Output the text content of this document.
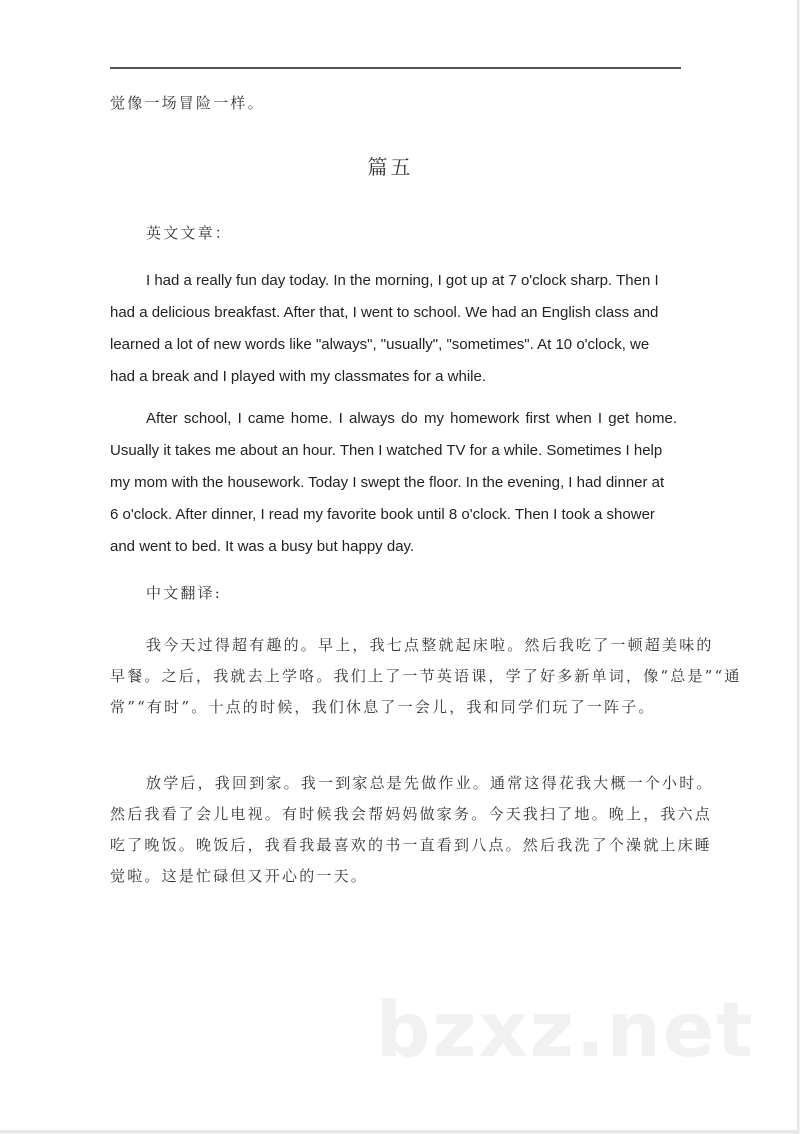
觉像一场冒险一样。
篇五
英文文章：
I had a really fun day today. In the morning, I got up at 7 o'clock sharp. Then I
had a delicious breakfast. After that, I went to school. We had an English class and
learned a lot of new words like "always", "usually", "sometimes". At 10 o'clock, we
had a break and I played with my classmates for a while.
After school, I came home. I always do my homework first when I get home.
Usually it takes me about an hour. Then I watched TV for a while. Sometimes I help
my mom with the housework. Today I swept the floor. In the evening, I had dinner at
6 o'clock. After dinner, I read my favorite book until 8 o'clock. Then I took a shower
and went to bed. It was a busy but happy day.
中文翻译:
我今天过得超有趣的。早上，我七点整就起床啦。然后我吃了一顿超美味的
早餐。之后，我就去上学咯。我们上了一节英语课，学了好多新单词，像“总是”“通
常”“有时”。十点的时候，我们休息了一会儿，我和同学们玩了一阵子。
放学后，我回到家。我一到家总是先做作业。通常这得花我大概一个小时。
然后我看了会儿电视。有时候我会帮妈妈做家务。今天我扫了地。晚上，我六点
吃了晚饭。晚饭后，我看我最喜欢的书一直看到八点。然后我洗了个澡就上床睡
觉啦。这是忙碌但又开心的一天。
bzxz.net
